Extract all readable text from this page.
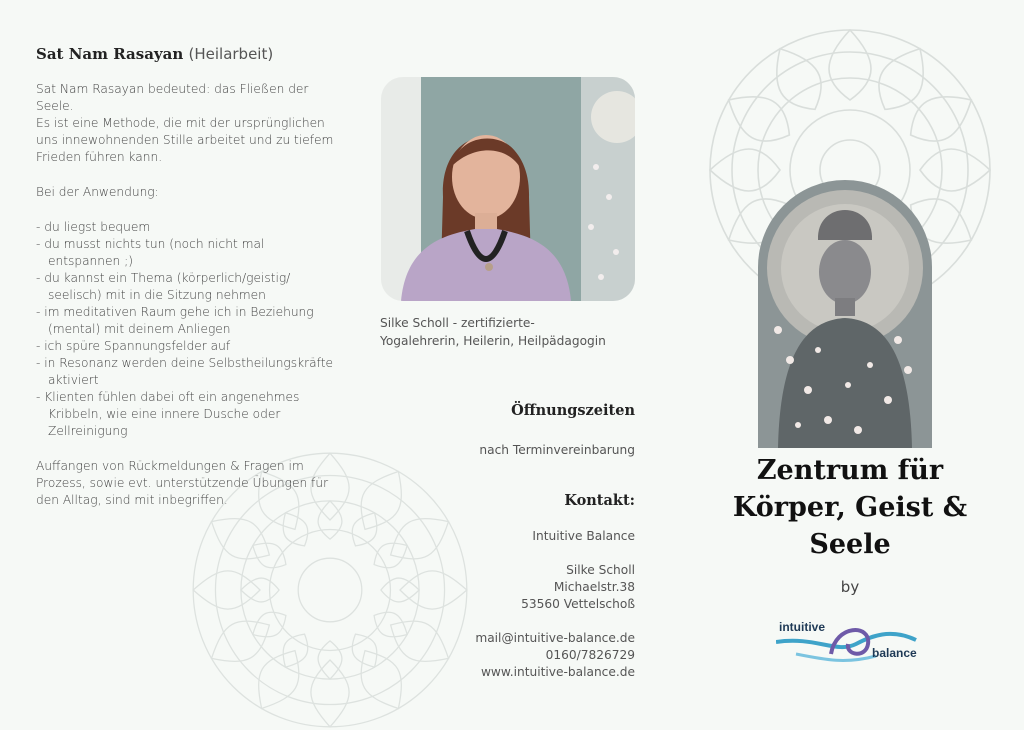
Sat Nam Rasayan (Heilarbeit)
Sat Nam Rasayan bedeuted: das Fließen der
Seele.
Es ist eine Methode, die mit der ursprünglichen
uns innewohnenden Stille arbeitet und zu tiefem
Frieden führen kann.
Bei der Anwendung:
- du liegst bequem
- du musst nichts tun (noch nicht mal entspannen ;)
- du kannst ein Thema (körperlich/geistig/ seelisch) mit in die Sitzung nehmen
- im meditativen Raum gehe ich in Beziehung (mental) mit deinem Anliegen
- ich spüre Spannungsfelder auf
- in Resonanz werden deine Selbstheilungskräfte aktiviert
- Klienten fühlen dabei oft ein angenehmes Kribbeln, wie eine innere Dusche oder Zellreinigung
Auffangen von Rückmeldungen & Fragen im
Prozess, sowie evt. unterstützende Übungen für
den Alltag, sind mit inbegriffen.
Silke Scholl - zertifizierte-
Yogalehrerin, Heilerin, Heilpädagogin
Öffnungszeiten
nach Terminvereinbarung
Kontakt:
Intuitive Balance
Silke Scholl
Michaelstr.38
53560 Vettelschoß
mail@intuitive-balance.de
0160/7826729
www.intuitive-balance.de
Zentrum für
Körper, Geist &
Seele
by
intuitive
balance
